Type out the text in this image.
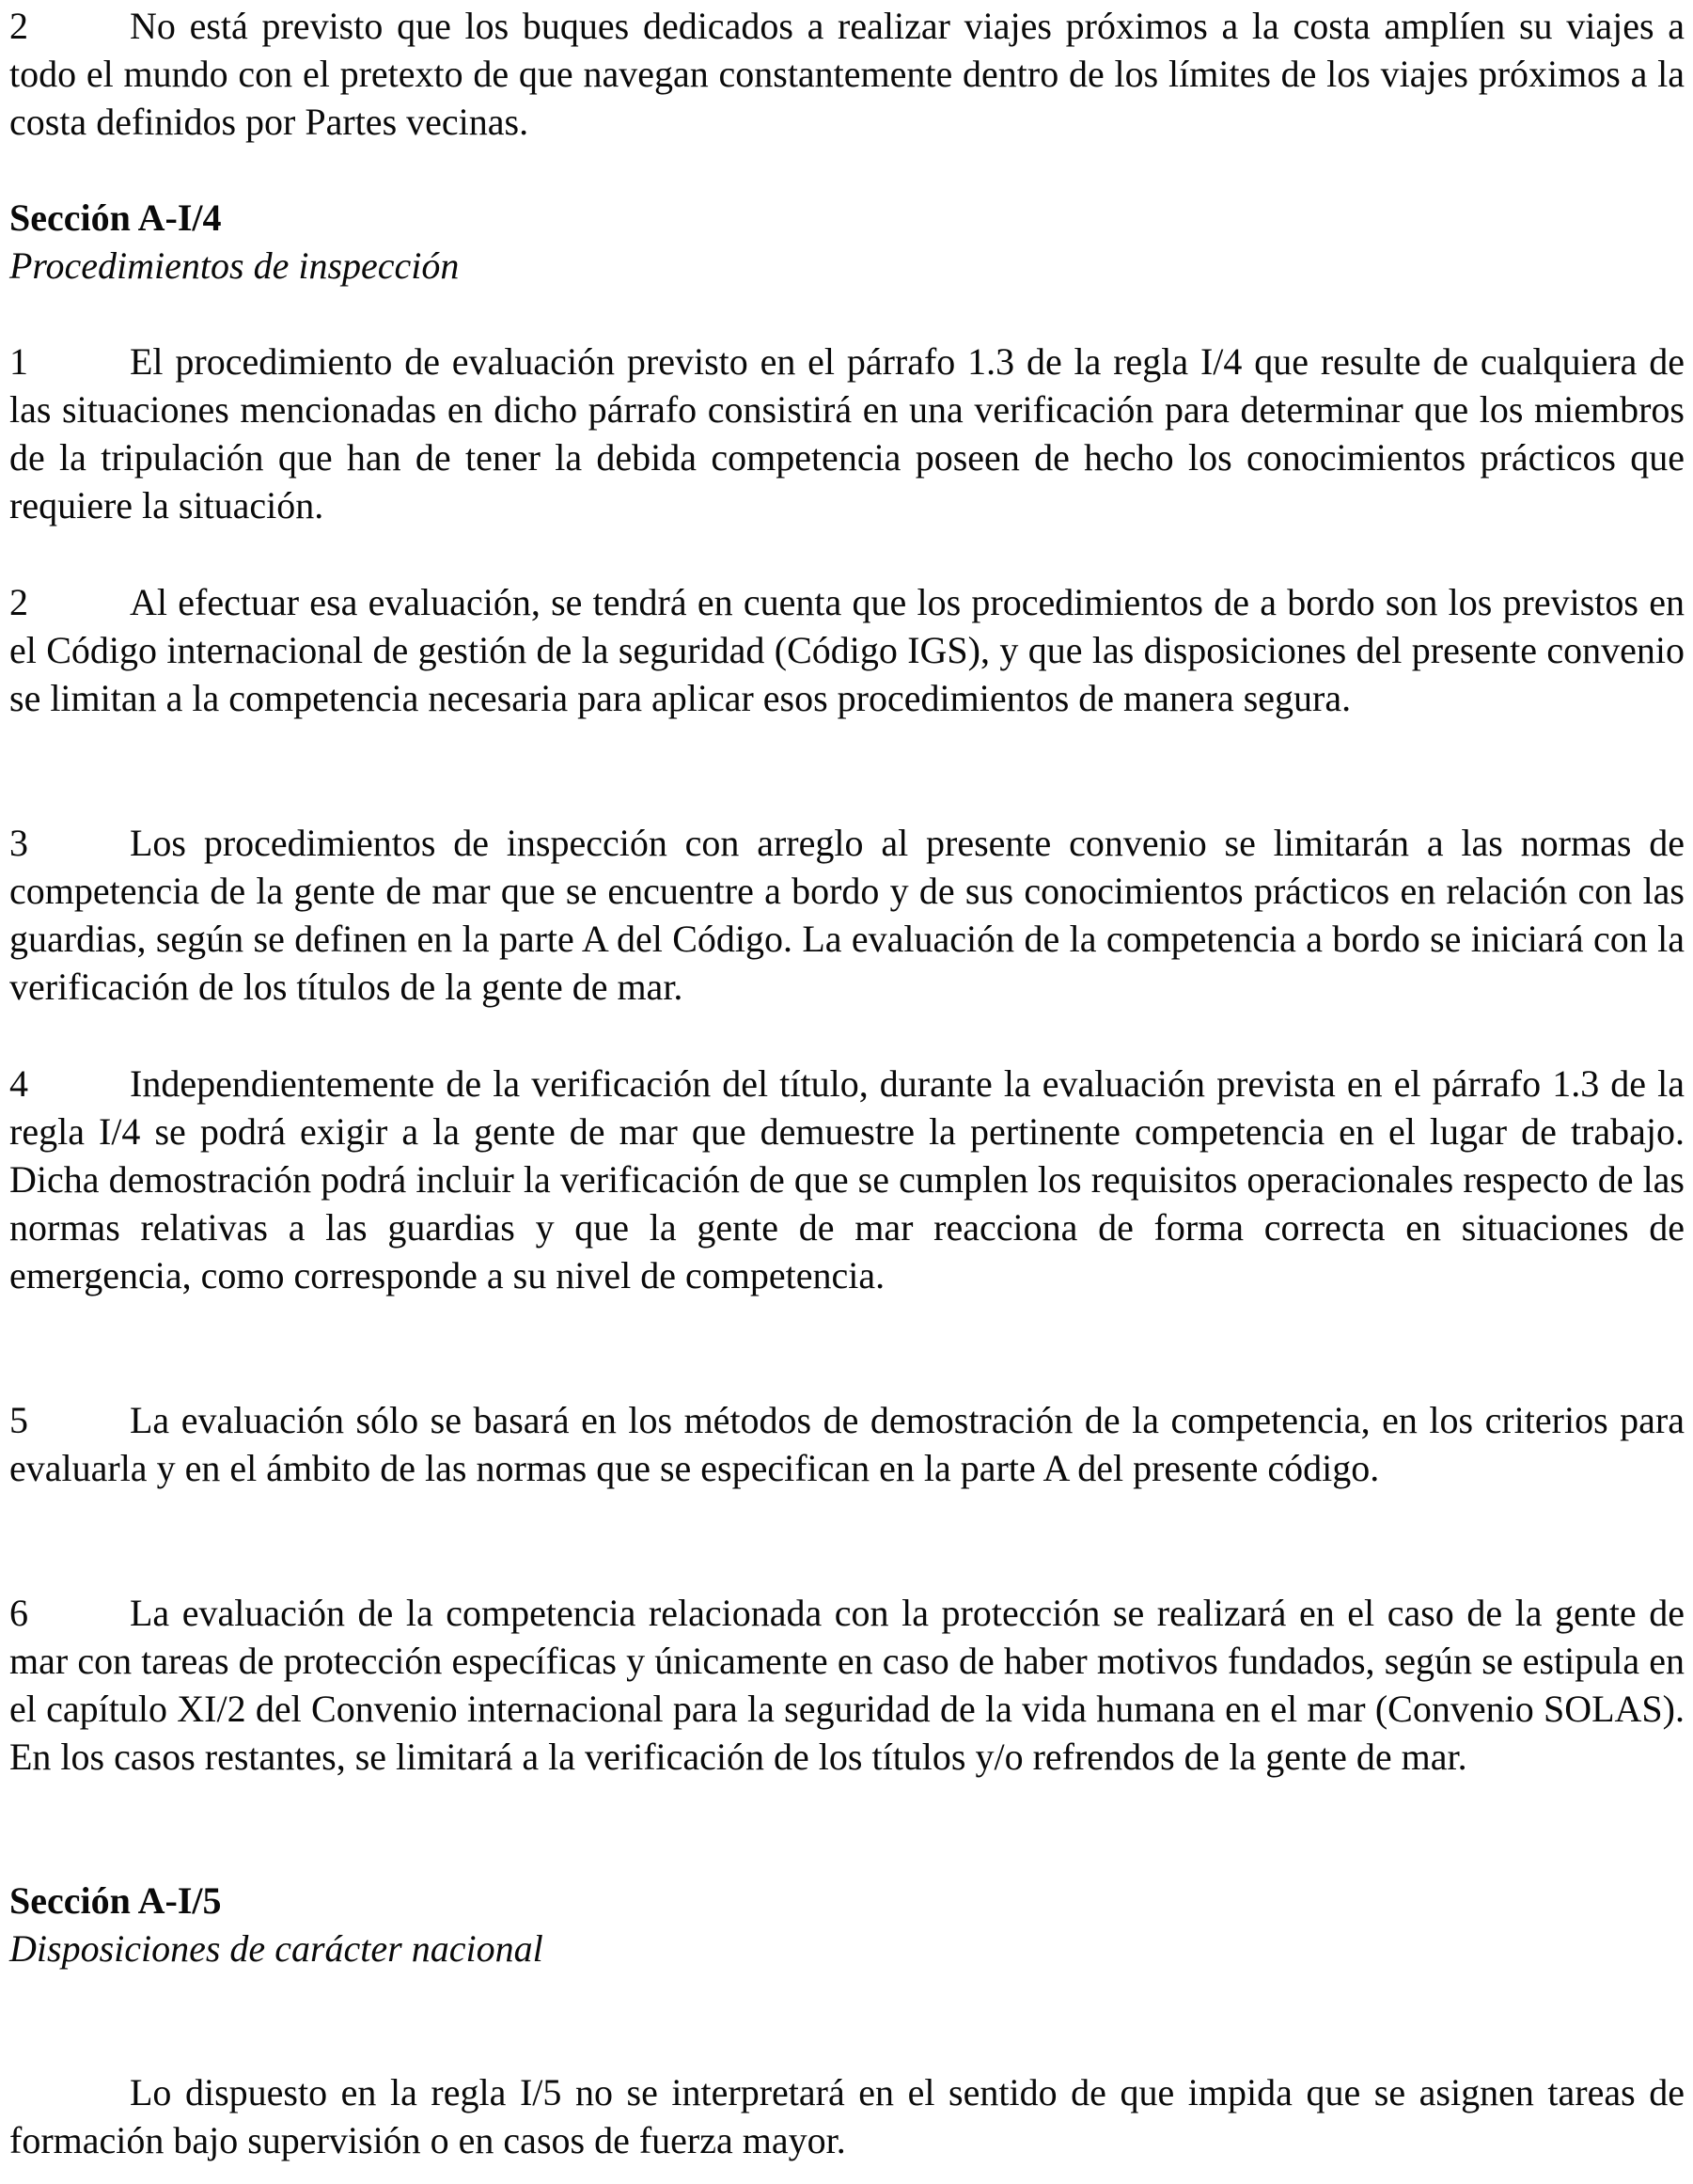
2	No está previsto que los buques dedicados a realizar viajes próximos a la costa amplíen su viajes a todo el mundo con el pretexto de que navegan constantemente dentro de los límites de los viajes próximos a la costa definidos por Partes vecinas.

Sección A-I/4
Procedimientos de inspección

1	El procedimiento de evaluación previsto en el párrafo 1.3 de la regla I/4 que resulte de cualquiera de las situaciones mencionadas en dicho párrafo consistirá en una verificación para determinar que los miembros de la tripulación que han de tener la debida competencia poseen de hecho los conocimientos prácticos que requiere la situación.

2	Al efectuar esa evaluación, se tendrá en cuenta que los procedimientos de a bordo son los previstos en el Código internacional de gestión de la seguridad (Código IGS), y que las disposiciones del presente convenio se limitan a la competencia necesaria para aplicar esos procedimientos de manera segura.

3	Los procedimientos de inspección con arreglo al presente convenio se limitarán a las normas de competencia de la gente de mar que se encuentre a bordo y de sus conocimientos prácticos en relación con las guardias, según se definen en la parte A del Código. La evaluación de la competencia a bordo se iniciará con la verificación de los títulos de la gente de mar.

4	Independientemente de la verificación del título, durante la evaluación prevista en el párrafo 1.3 de la regla I/4 se podrá exigir a la gente de mar que demuestre la pertinente competencia en el lugar de trabajo. Dicha demostración podrá incluir la verificación de que se cumplen los requisitos operacionales respecto de las normas relativas a las guardias y que la gente de mar reacciona de forma correcta en situaciones de emergencia, como corresponde a su nivel de competencia.

5	La evaluación sólo se basará en los métodos de demostración de la competencia, en los criterios para evaluarla y en el ámbito de las normas que se especifican en la parte A del presente código.

6	La evaluación de la competencia relacionada con la protección se realizará en el caso de la gente de mar con tareas de protección específicas y únicamente en caso de haber motivos fundados, según se estipula en el capítulo XI/2 del Convenio internacional para la seguridad de la vida humana en el mar (Convenio SOLAS). En los casos restantes, se limitará a la verificación de los títulos y/o refrendos de la gente de mar.

Sección A-I/5
Disposiciones de carácter nacional

Lo dispuesto en la regla I/5 no se interpretará en el sentido de que impida que se asignen tareas de formación bajo supervisión o en casos de fuerza mayor.
